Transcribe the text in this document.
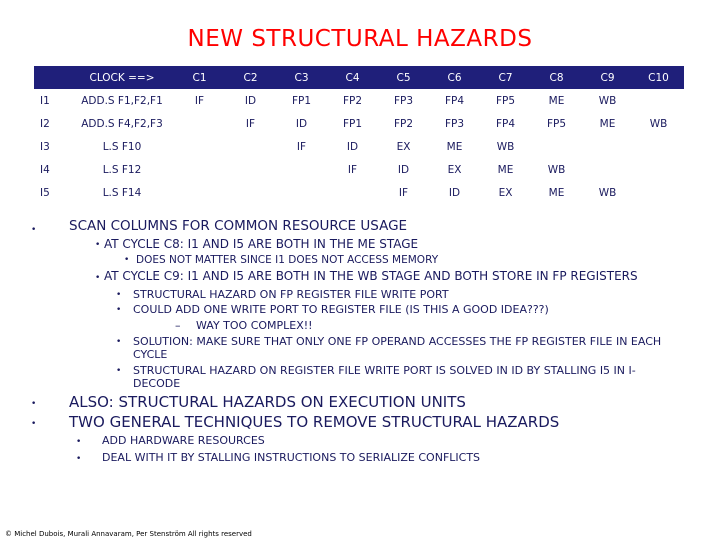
NEW STRUCTURAL HAZARDS
	CLOCK ==>	C1	C2	C3	C4	C5	C6	C7	C8	C9	C10
I1	ADD.S F1,F2,F1	IF	ID	FP1	FP2	FP3	FP4	FP5	ME	WB	
I2	ADD.S F4,F2,F3		IF	ID	FP1	FP2	FP3	FP4	FP5	ME	WB
I3	L.S F10			IF	ID	EX	ME	WB			
I4	L.S F12				IF	ID	EX	ME	WB		
I5	L.S F14					IF	ID	EX	ME	WB	
• SCAN COLUMNS FOR COMMON RESOURCE USAGE
• AT CYCLE C8: I1 AND I5 ARE BOTH IN THE ME STAGE
• DOES NOT MATTER SINCE I1 DOES NOT ACCESS MEMORY
• AT CYCLE C9: I1 AND I5 ARE BOTH IN THE WB STAGE AND BOTH STORE IN FP REGISTERS
• STRUCTURAL HAZARD ON FP REGISTER FILE WRITE PORT
• COULD ADD ONE WRITE PORT TO REGISTER FILE (IS THIS A GOOD IDEA???)
– WAY TOO COMPLEX!!
• SOLUTION: MAKE SURE THAT ONLY ONE FP OPERAND ACCESSES THE FP REGISTER FILE IN EACH
CYCLE
• STRUCTURAL HAZARD ON REGISTER FILE WRITE PORT IS SOLVED IN ID BY STALLING I5 IN I-
DECODE
• ALSO: STRUCTURAL HAZARDS ON EXECUTION UNITS
• TWO GENERAL TECHNIQUES TO REMOVE STRUCTURAL HAZARDS
• ADD HARDWARE RESOURCES
• DEAL WITH IT BY STALLING INSTRUCTIONS TO SERIALIZE CONFLICTS
© Michel Dubois, Murali Annavaram, Per Stenström All rights reserved
